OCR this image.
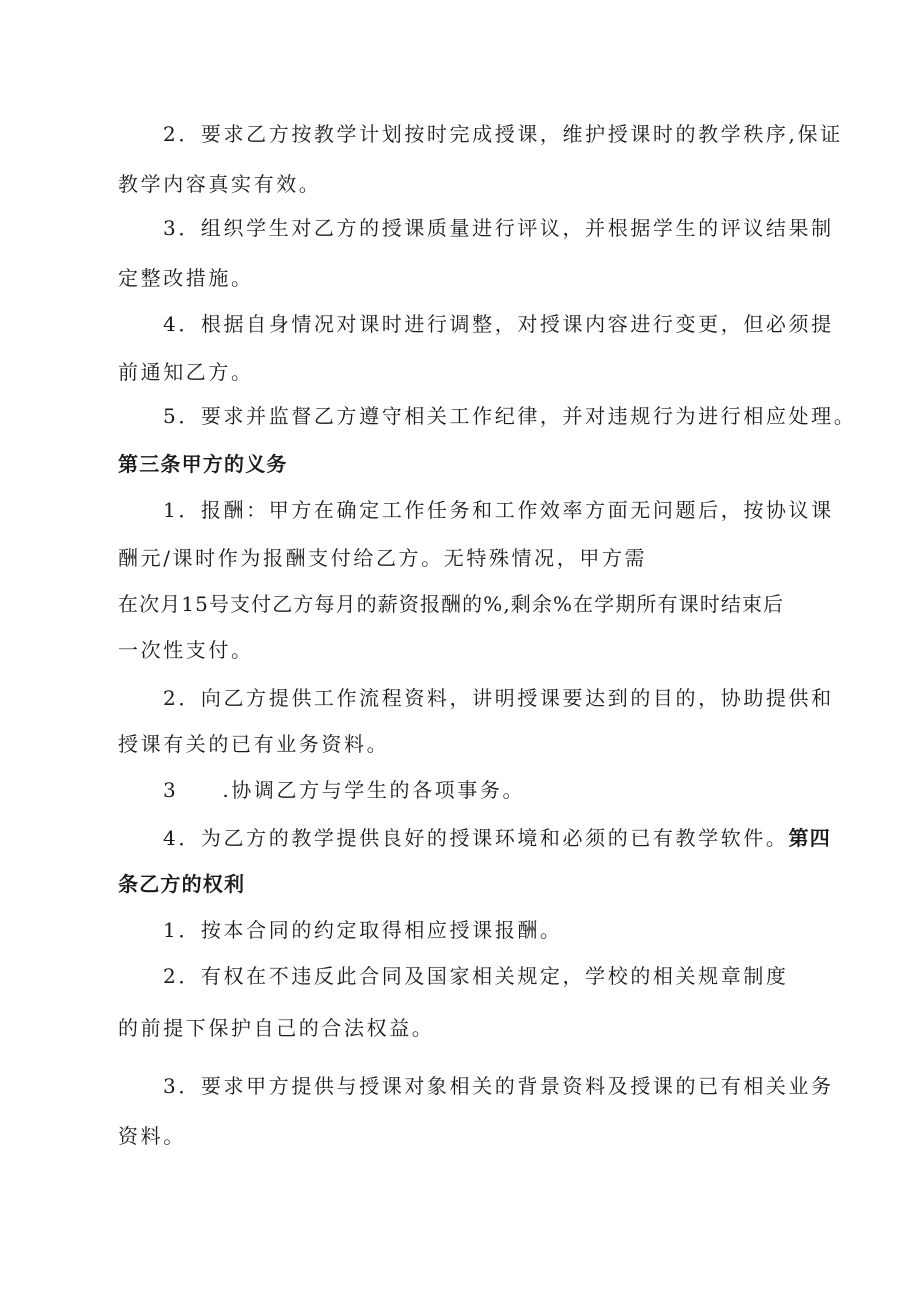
2．要求乙方按教学计划按时完成授课，维护授课时的教学秩序,保证
教学内容真实有效。
3．组织学生对乙方的授课质量进行评议，并根据学生的评议结果制
定整改措施。
4．根据自身情况对课时进行调整，对授课内容进行变更，但必须提
前通知乙方。
5．要求并监督乙方遵守相关工作纪律，并对违规行为进行相应处理。
第三条甲方的义务
1．报酬：甲方在确定工作任务和工作效率方面无问题后，按协议课
酬元/课时作为报酬支付给乙方。无特殊情况，甲方需
在次月15号支付乙方每月的薪资报酬的%,剩余%在学期所有课时结束后
一次性支付。
2．向乙方提供工作流程资料，讲明授课要达到的目的，协助提供和
授课有关的已有业务资料。
3 .协调乙方与学生的各项事务。
4．为乙方的教学提供良好的授课环境和必须的已有教学软件。第四
条乙方的权利
1．按本合同的约定取得相应授课报酬。
2．有权在不违反此合同及国家相关规定，学校的相关规章制度
的前提下保护自己的合法权益。
3．要求甲方提供与授课对象相关的背景资料及授课的已有相关业务
资料。
